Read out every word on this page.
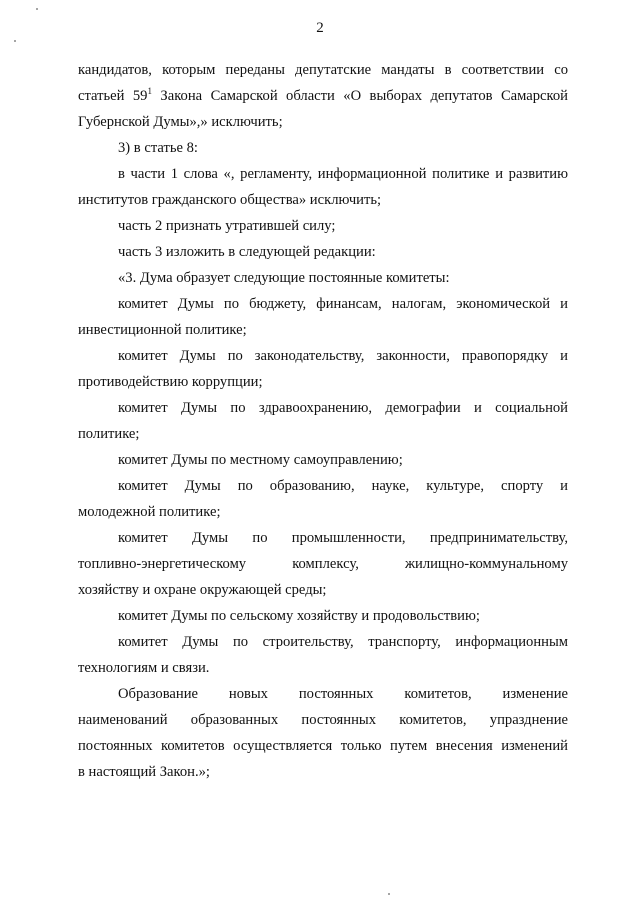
2

кандидатов, которым переданы депутатские мандаты в соответствии со

статьей $59^1$ Закона Самарской области «О выборах депутатов Самарской

Губернской Думы»,» исключить;

3) в статье 8:

в части 1 слова «, регламенту, информационной политике и развитию

институтов гражданского общества» исключить;

часть 2 признать утратившей силу;

часть 3 изложить в следующей редакции:

«3. Дума образует следующие постоянные комитеты:

комитет Думы по бюджету, финансам, налогам, экономической и

инвестиционной политике;

комитет Думы по законодательству, законности, правопорядку и

противодействию коррупции;

комитет Думы по здравоохранению, демографии и социальной

политике;

комитет Думы по местному самоуправлению;

комитет Думы по образованию, науке, культуре, спорту и

молодежной политике;

комитет Думы по промышленности, предпринимательству,

топливно-энергетическому комплексу, жилищно-коммунальному

хозяйству и охране окружающей среды;

комитет Думы по сельскому хозяйству и продовольствию;

комитет Думы по строительству, транспорту, информационным

технологиям и связи.

Образование новых постоянных комитетов, изменение

наименований образованных постоянных комитетов, упразднение

постоянных комитетов осуществляется только путем внесения изменений

в настоящий Закон.»;
